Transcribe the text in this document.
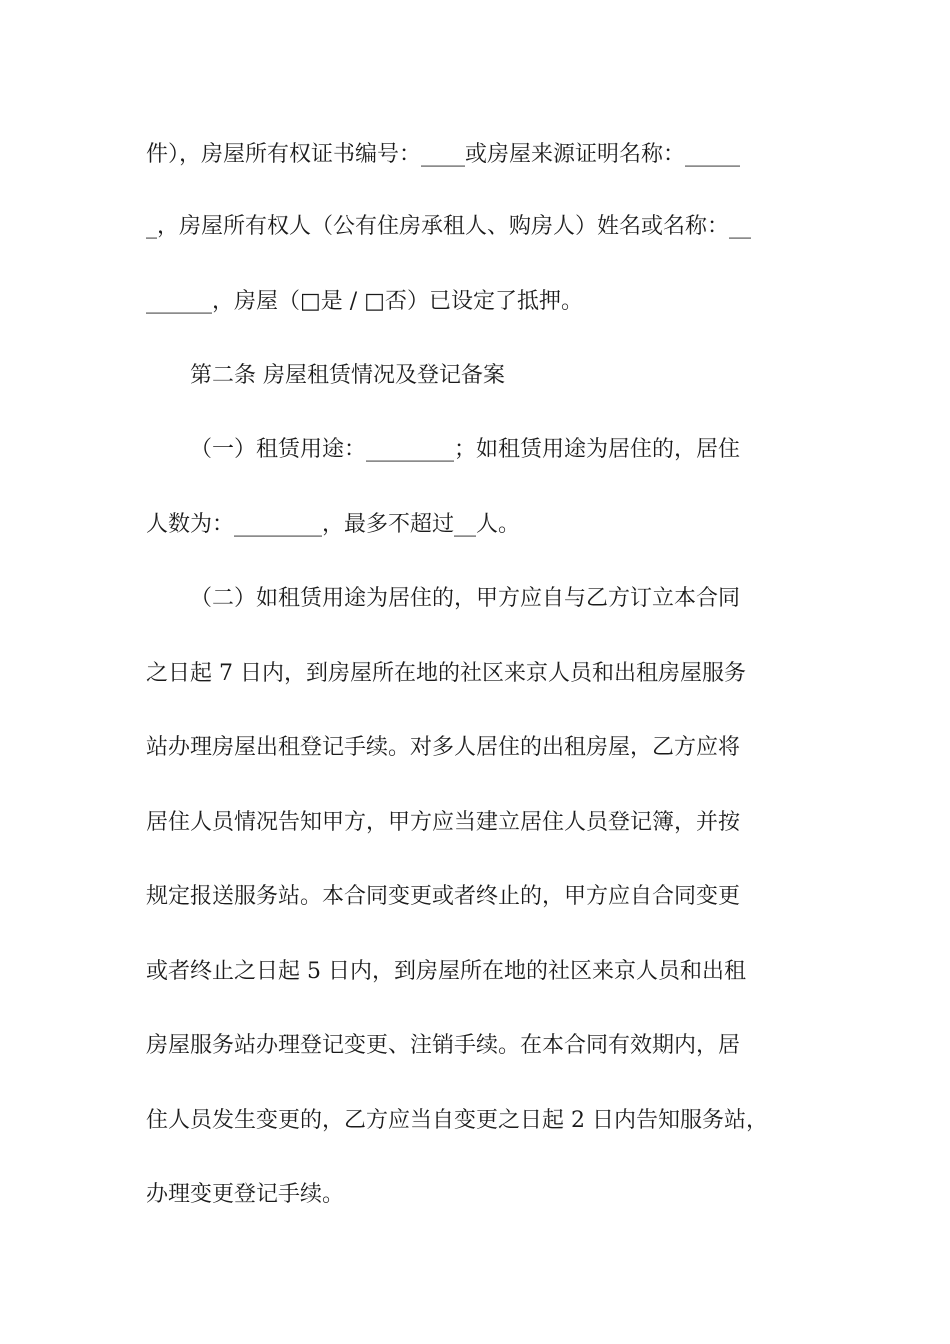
件），房屋所有权证书编号：____或房屋来源证明名称：_____
_，房屋所有权人（公有住房承租人、购房人）姓名或名称：__
______，房屋（□是 / □否）已设定了抵押。
第二条 房屋租赁情况及登记备案
（一）租赁用途：________；如租赁用途为居住的，居住
人数为：________，最多不超过__人。
（二）如租赁用途为居住的，甲方应自与乙方订立本合同
之日起 7 日内，到房屋所在地的社区来京人员和出租房屋服务
站办理房屋出租登记手续。对多人居住的出租房屋，乙方应将
居住人员情况告知甲方，甲方应当建立居住人员登记簿，并按
规定报送服务站。本合同变更或者终止的，甲方应自合同变更
或者终止之日起 5 日内，到房屋所在地的社区来京人员和出租
房屋服务站办理登记变更、注销手续。在本合同有效期内，居
住人员发生变更的，乙方应当自变更之日起 2 日内告知服务站，
办理变更登记手续。
